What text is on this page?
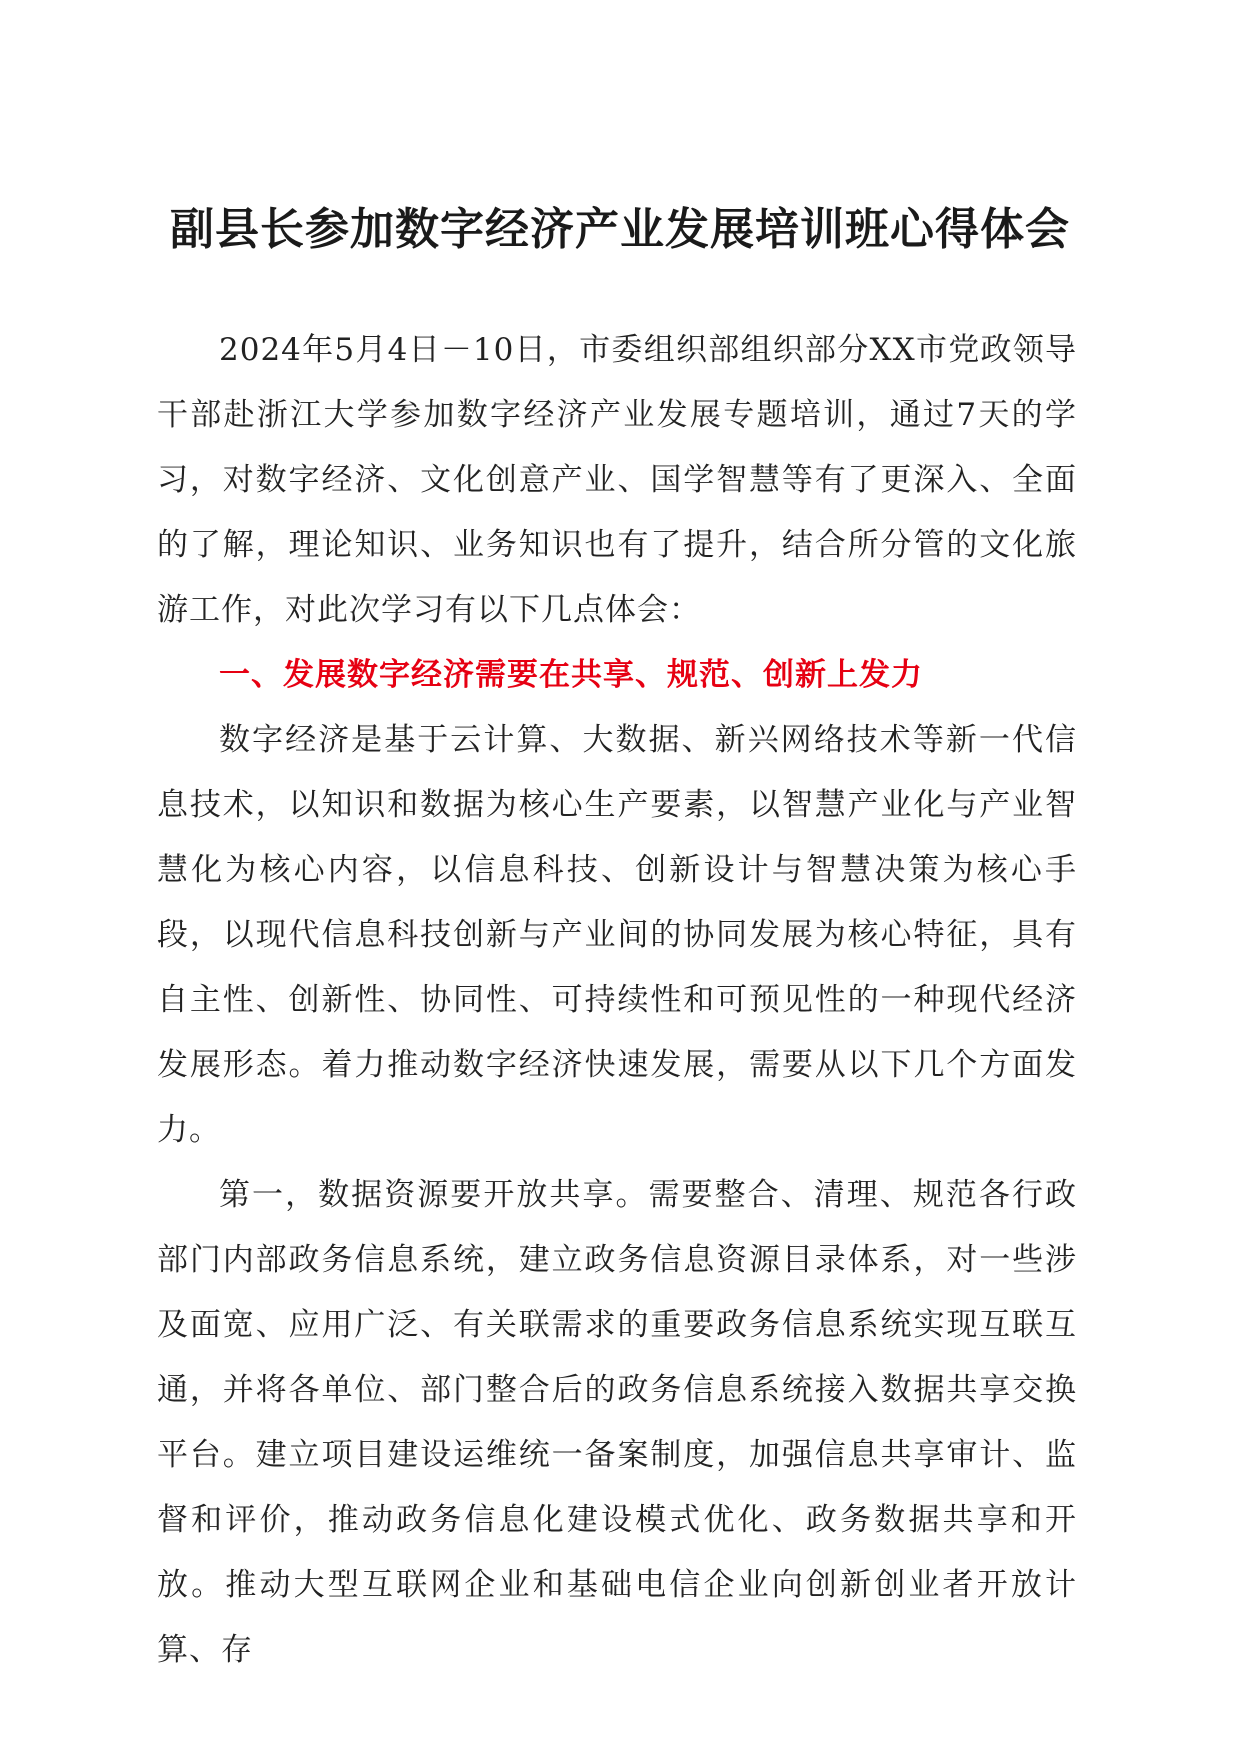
副县长参加数字经济产业发展培训班心得体会

2024年5月4日－10日，市委组织部组织部分XX市党政领导干部赴浙江大学参加数字经济产业发展专题培训，通过7天的学习，对数字经济、文化创意产业、国学智慧等有了更深入、全面的了解，理论知识、业务知识也有了提升，结合所分管的文化旅游工作，对此次学习有以下几点体会：

一、发展数字经济需要在共享、规范、创新上发力

数字经济是基于云计算、大数据、新兴网络技术等新一代信息技术，以知识和数据为核心生产要素，以智慧产业化与产业智慧化为核心内容，以信息科技、创新设计与智慧决策为核心手段，以现代信息科技创新与产业间的协同发展为核心特征，具有自主性、创新性、协同性、可持续性和可预见性的一种现代经济发展形态。着力推动数字经济快速发展，需要从以下几个方面发力。

第一，数据资源要开放共享。需要整合、清理、规范各行政部门内部政务信息系统，建立政务信息资源目录体系，对一些涉及面宽、应用广泛、有关联需求的重要政务信息系统实现互联互通，并将各单位、部门整合后的政务信息系统接入数据共享交换平台。建立项目建设运维统一备案制度，加强信息共享审计、监督和评价，推动政务信息化建设模式优化、政务数据共享和开放。推动大型互联网企业和基础电信企业向创新创业者开放计算、存
